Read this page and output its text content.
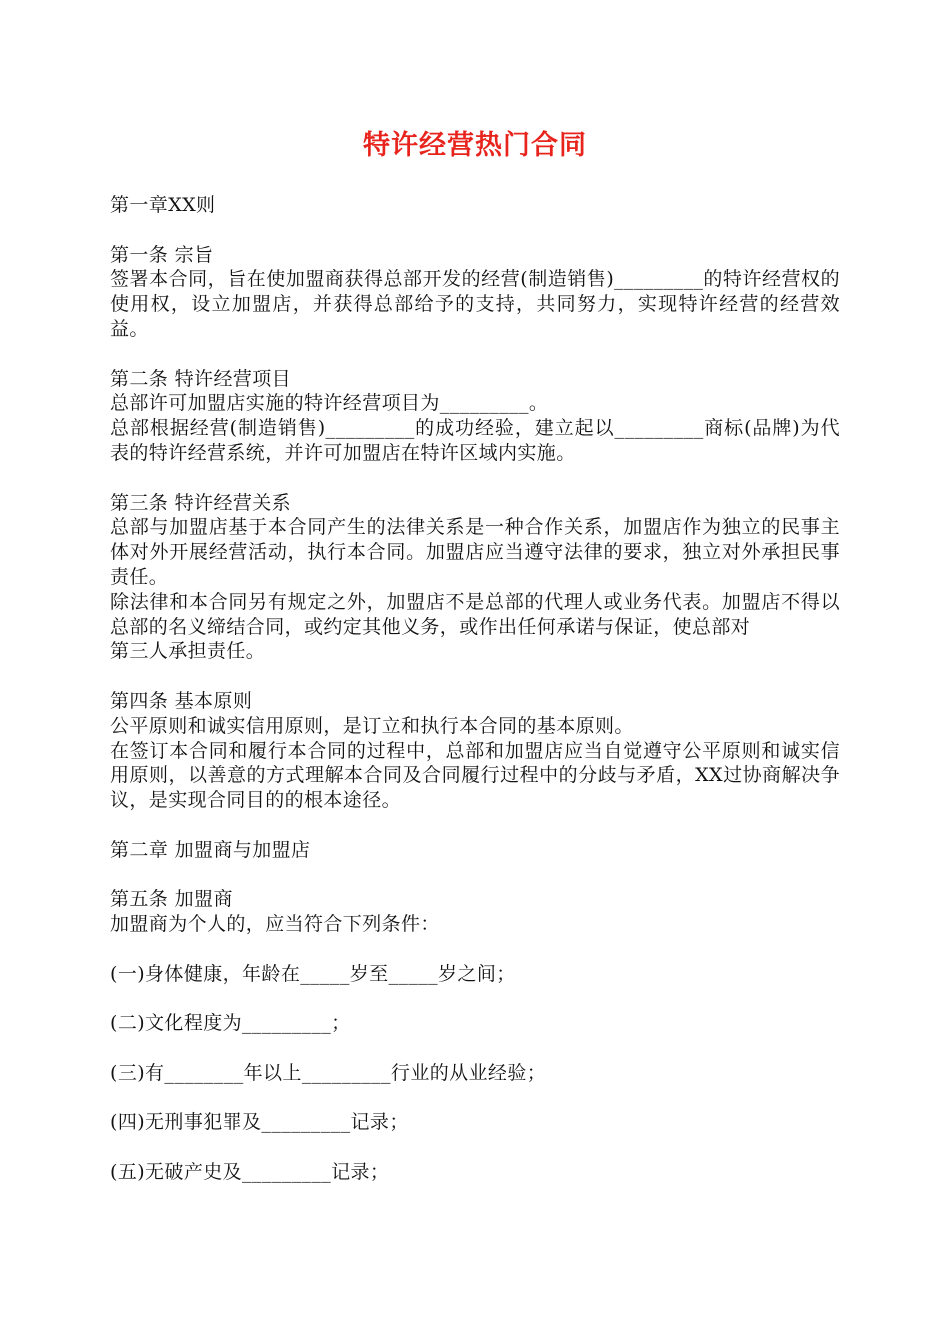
特许经营热门合同

第一章XX则

第一条 宗旨

签署本合同，旨在使加盟商获得总部开发的经营(制造销售)_________的特许经营权的使用权，设立加盟店，并获得总部给予的支持，共同努力，实现特许经营的经营效益。

第二条 特许经营项目

总部许可加盟店实施的特许经营项目为_________。

总部根据经营(制造销售)_________的成功经验，建立起以_________商标(品牌)为代表的特许经营系统，并许可加盟店在特许区域内实施。

第三条 特许经营关系

总部与加盟店基于本合同产生的法律关系是一种合作关系，加盟店作为独立的民事主体对外开展经营活动，执行本合同。加盟店应当遵守法律的要求，独立对外承担民事责任。

除法律和本合同另有规定之外，加盟店不是总部的代理人或业务代表。加盟店不得以总部的名义缔结合同，或约定其他义务，或作出任何承诺与保证，使总部对

第三人承担责任。

第四条 基本原则

公平原则和诚实信用原则，是订立和执行本合同的基本原则。

在签订本合同和履行本合同的过程中，总部和加盟店应当自觉遵守公平原则和诚实信用原则，以善意的方式理解本合同及合同履行过程中的分歧与矛盾，XX过协商解决争议，是实现合同目的的根本途径。

第二章 加盟商与加盟店

第五条 加盟商

加盟商为个人的，应当符合下列条件：

(一)身体健康，年龄在_____岁至_____岁之间；

(二)文化程度为_________；

(三)有________年以上_________行业的从业经验；

(四)无刑事犯罪及_________记录；

(五)无破产史及_________记录；
